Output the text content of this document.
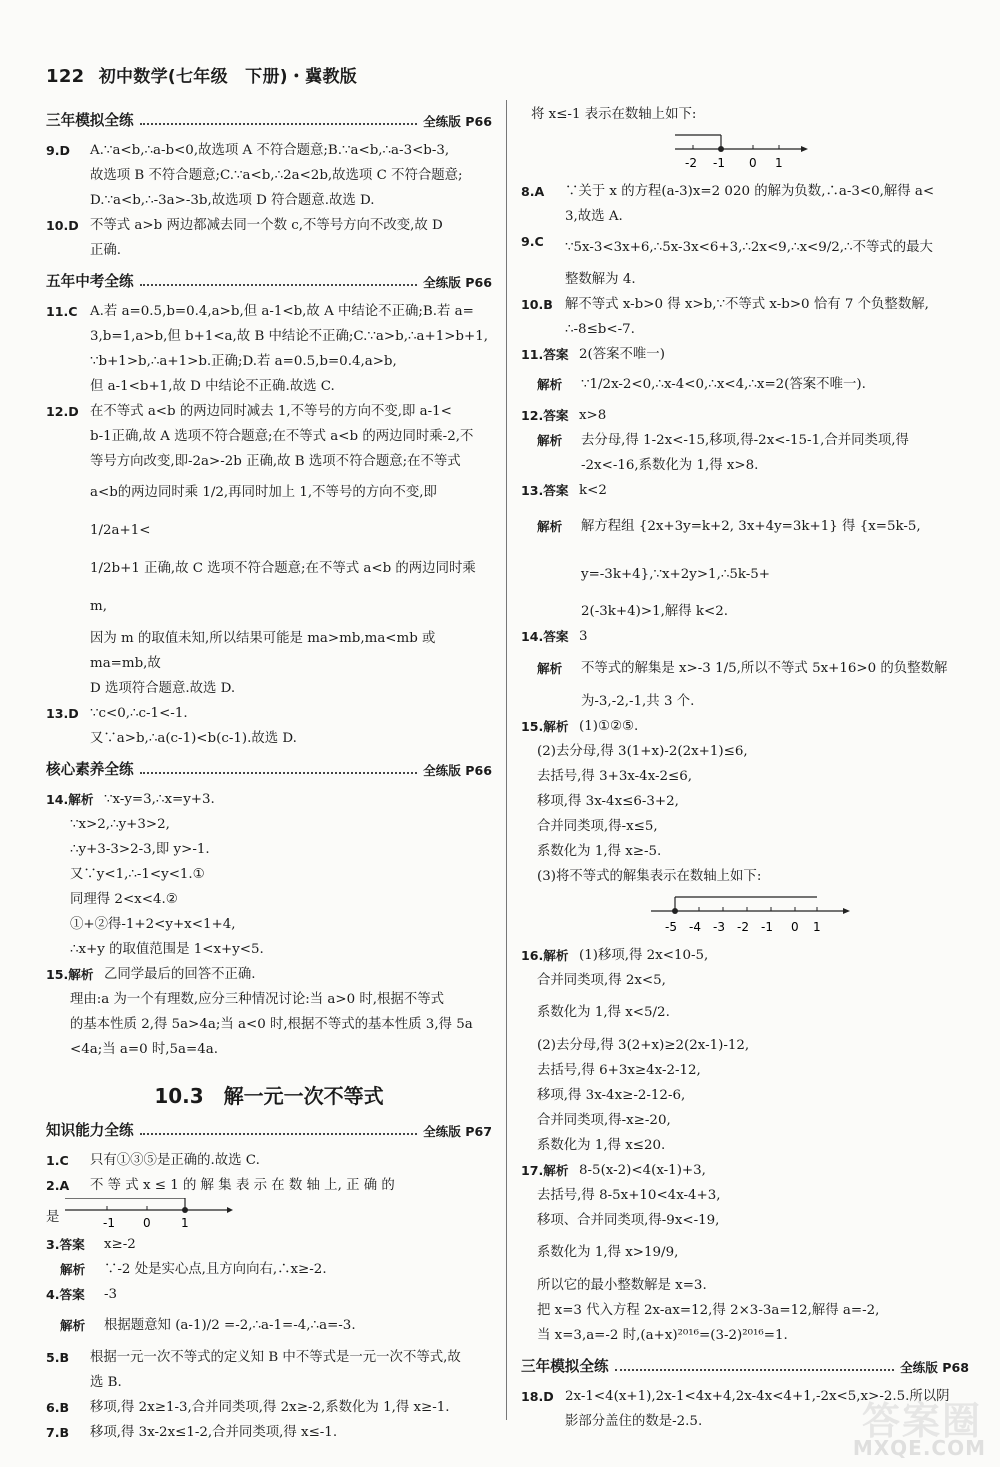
122 初中数学(七年级　下册)・冀教版
三年模拟全练	全练版 P66
9.D	A.∵a<b,∴a-b<0,故选项 A 不符合题意;B.∵a<b,∴a-3<b-3,
故选项 B 不符合题意;C.∵a<b,∴2a<2b,故选项 C 不符合题意;
D.∵a<b,∴-3a>-3b,故选项 D 符合题意.故选 D.
10.D 不等式 a>b 两边都减去同一个数 c,不等号方向不改变,故 D
正确.
五年中考全练	全练版 P66
11.C A.若 a=0.5,b=0.4,a>b,但 a-1<b,故 A 中结论不正确;B.若 a=
3,b=1,a>b,但 b+1<a,故 B 中结论不正确;C.∵a>b,∴a+1>b+1,
∵b+1>b,∴a+1>b.正确;D.若 a=0.5,b=0.4,a>b,
但 a-1<b+1,故 D 中结论不正确.故选 C.
12.D 在不等式 a<b 的两边同时减去 1,不等号的方向不变,即 a-1<
b-1正确,故 A 选项不符合题意;在不等式 a<b 的两边同时乘-2,不
等号方向改变,即-2a>-2b 正确,故 B 选项不符合题意;在不等式
a<b的两边同时乘 1/2,再同时加上 1,不等号的方向不变,即 1/2a+1<
1/2b+1 正确,故 C 选项不符合题意;在不等式 a<b 的两边同时乘 m,
因为 m 的取值未知,所以结果可能是 ma>mb,ma<mb 或 ma=mb,故
D 选项符合题意.故选 D.
13.D ∵c<0,∴c-1<-1.
又∵a>b,∴a(c-1)<b(c-1).故选 D.
核心素养全练	全练版 P66
14.解析 ∵x-y=3,∴x=y+3.
∵x>2,∴y+3>2,
∴y+3-3>2-3,即 y>-1.
又∵y<1,∴-1<y<1.①
同理得 2<x<4.②
①+②得-1+2<y+x<1+4,
∴x+y 的取值范围是 1<x+y<5.
15.解析 乙同学最后的回答不正确.
理由:a 为一个有理数,应分三种情况讨论:当 a>0 时,根据不等式
的基本性质 2,得 5a>4a;当 a<0 时,根据不等式的基本性质 3,得 5a
<4a;当 a=0 时,5a=4a.
10.3　解一元一次不等式
知识能力全练	全练版 P67
1.C	只有①③⑤是正确的.故选 C.
2.A	不 等 式 x ≤ 1 的 解 集 表 示 在 数 轴 上, 正 确 的
是	-1 0	1
3.答案	x≥-2
解析	∵-2 处是实心点,且方向向右,∴x≥-2.
4.答案	-3
解析	根据题意知 (a-1)/2 =-2,∴a-1=-4,∴a=-3.
5.B	根据一元一次不等式的定义知 B 中不等式是一元一次不等式,故
选 B.
6.B	移项,得 2x≥1-3,合并同类项,得 2x≥-2,系数化为 1,得 x≥-1.
7.B	移项,得 3x-2x≤1-2,合并同类项,得 x≤-1.
将 x≤-1 表示在数轴上如下:
-2 -1 0 1
8.A	∵关于 x 的方程(a-3)x=2 020 的解为负数,∴a-3<0,解得 a<
3,故选 A.
9.C	∵5x-3<3x+6,∴5x-3x<6+3,∴2x<9,∴x<9/2,∴不等式的最大
整数解为 4.
10.B 解不等式 x-b>0 得 x>b,∵不等式 x-b>0 恰有 7 个负整数解,
∴-8≤b<-7.
11.答案 2(答案不唯一)
解析	∵1/2x-2<0,∴x-4<0,∴x<4,∴x=2(答案不唯一).
12.答案 x>8
解析	去分母,得 1-2x<-15,移项,得-2x<-15-1,合并同类项,得
-2x<-16,系数化为 1,得 x>8.
13.答案 k<2
解析	解方程组 {2x+3y=k+2, 3x+4y=3k+1} 得 {x=5k-5, y=-3k+4},∵x+2y>1,∴5k-5+
2(-3k+4)>1,解得 k<2.
14.答案 3
解析	不等式的解集是 x>-3 1/5,所以不等式 5x+16>0 的负整数解
为-3,-2,-1,共 3 个.
15.解析 (1)①②⑤.
(2)去分母,得 3(1+x)-2(2x+1)≤6,
去括号,得 3+3x-4x-2≤6,
移项,得 3x-4x≤6-3+2,
合并同类项,得-x≤5,
系数化为 1,得 x≥-5.
(3)将不等式的解集表示在数轴上如下:
-5 -4 -3 -2 -1 0 1
16.解析 (1)移项,得 2x<10-5,
合并同类项,得 2x<5,
系数化为 1,得 x<5/2.
(2)去分母,得 3(2+x)≥2(2x-1)-12,
去括号,得 6+3x≥4x-2-12,
移项,得 3x-4x≥-2-12-6,
合并同类项,得-x≥-20,
系数化为 1,得 x≤20.
17.解析 8-5(x-2)<4(x-1)+3,
去括号,得 8-5x+10<4x-4+3,
移项、合并同类项,得-9x<-19,
系数化为 1,得 x>19/9,
所以它的最小整数解是 x=3.
把 x=3 代入方程 2x-ax=12,得 2×3-3a=12,解得 a=-2,
当 x=3,a=-2 时,(a+x)²⁰¹⁶=(3-2)²⁰¹⁶=1.
三年模拟全练	全练版 P68
18.D 2x-1<4(x+1),2x-1<4x+4,2x-4x<4+1,-2x<5,x>-2.5.所以阴
影部分盖住的数是-2.5.	答案圈
MXQE.COM
